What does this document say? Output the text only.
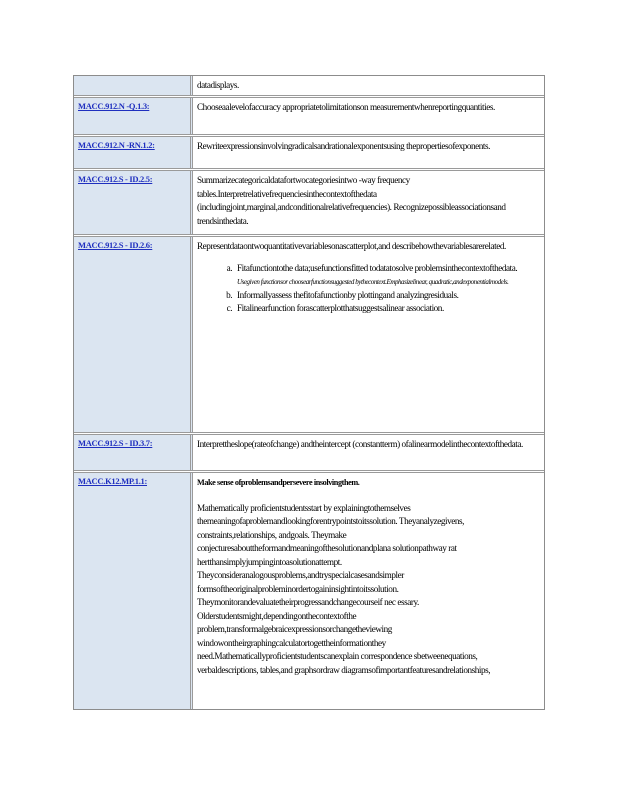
datadisplays.

MACC.912.N -Q.1.3:	Chooseaalevelofaccuracy appropriatetolimitationson measurementwhenreportingquantities.

MACC.912.N -RN.1.2:	Rewriteexpressionsinvolvingradicalsandrationalexponentsusing thepropertiesofexponents.

MACC.912.S - ID.2.5:	Summarizecategoricaldatafortwocategoriesintwo -way frequency tables.Interpretrelativefrequenciesinthecontextofthedata (includingjoint,marginal,andconditionalrelativefrequencies). Recognizepossibleassociationsand trendsinthedata.

MACC.912.S - ID.2.6:	Representdataontwoquantitativevariablesonascatterplot,and describehowthevariablesarerelated.

a. Fitafunctiontothe data;usefunctionsfitted todatatosolve problemsinthecontextofthedata. Usegiven functionsor choosearfunctionsuggested bythecontext.Emphasizelinear, quadratic,andexponentialmodels.
b. Informallyassess thefitofafunctionby plottingand analyzingresiduals.
c. Fitalinearfunction forascatterplotthatsuggestsalinear association.
MACC.912.S - ID.3.7:	Interprettheslope(rateofchange) andtheintercept (constantterm) ofalinearmodelinthecontextofthedata.

MACC.K12.MP.1.1:	Make sense ofproblemsandpersevere insolvingthem.

Mathematically proficientstudentsstart by explainingtothemselves themeaningofaproblemandlookingforentrypointstoitssolution. Theyanalyzegivens, constraints,relationships, andgoals. Theymake conjecturesabouttheformandmeaningofthesolutionandplana solutionpathway rat hertthansimplyjumpingintoasolutionattempt. Theyconsideranalogousproblems,andtryspecialcasesandsimpler formsoftheoriginalprobleminordertogaininsightintoitssolution. Theymonitorandevaluatetheirprogressandchangecourseif nec essary. Olderstudentsmight,dependingonthecontextofthe problem,transformalgebraicexpressionsorchangetheviewing windowontheirgraphingcalculatortogettheinformationthey need.Mathematicallyproficientstudentscanexplain correspondence sbetweenequations, verbaldescriptions, tables,and graphsordraw diagramsofimportantfeaturesandrelationships,
